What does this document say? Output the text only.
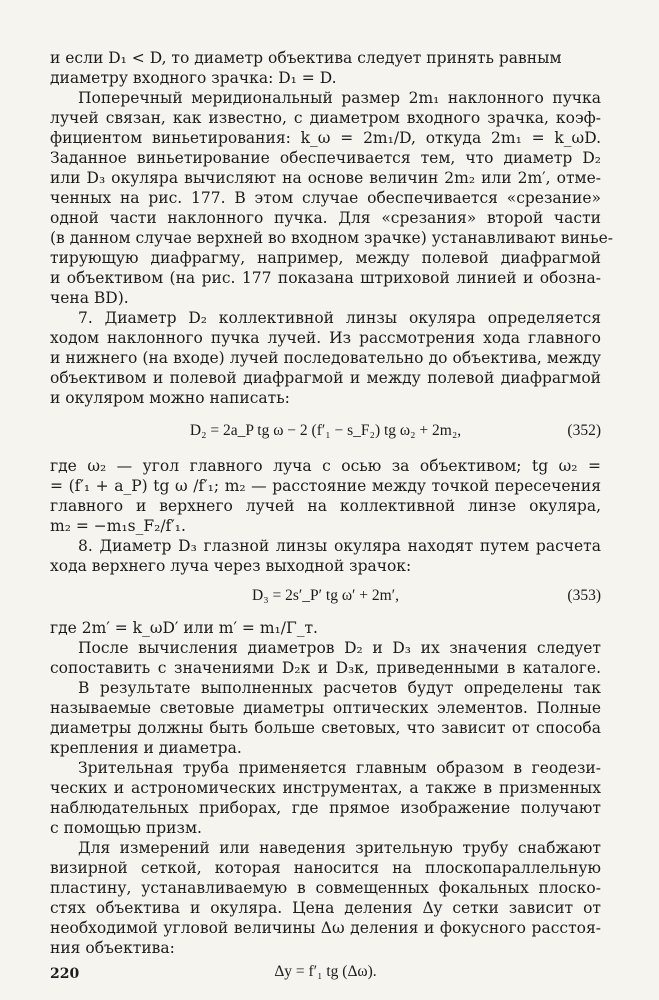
и если D₁ < D, то диаметр объектива следует принять равным
диаметру входного зрачка: D₁ = D.
Поперечный меридиональный размер 2m₁ наклонного пучка
лучей связан, как известно, с диаметром входного зрачка, коэф-
фициентом виньетирования: k_ω = 2m₁/D, откуда 2m₁ = k_ωD.
Заданное виньетирование обеспечивается тем, что диаметр D₂
или D₃ окуляра вычисляют на основе величин 2m₂ или 2m′, отме-
ченных на рис. 177. В этом случае обеспечивается «срезание»
одной части наклонного пучка. Для «срезания» второй части
(в данном случае верхней во входном зрачке) устанавливают винье-
тирующую диафрагму, например, между полевой диафрагмой
и объективом (на рис. 177 показана штриховой линией и обозна-
чена BD).
7. Диаметр D₂ коллективной линзы окуляра определяется
ходом наклонного пучка лучей. Из рассмотрения хода главного
и нижнего (на входе) лучей последовательно до объектива, между
объективом и полевой диафрагмой и между полевой диафрагмой
и окуляром можно написать:
D₂ = 2a_P tg ω − 2 (f′₁ − s_F₂) tg ω₂ + 2m₂,	(352)
где ω₂ — угол главного луча с осью за объективом; tg ω₂ =
= (f′₁ + a_P) tg ω /f′₁; m₂ — расстояние между точкой пересечения
главного и верхнего лучей на коллективной линзе окуляра,
m₂ = −m₁s_F₂/f′₁.
8. Диаметр D₃ глазной линзы окуляра находят путем расчета
хода верхнего луча через выходной зрачок:
D₃ = 2s′_P′ tg ω′ + 2m′,	(353)
где 2m′ = k_ωD′ или m′ = m₁/Γ_т.
После вычисления диаметров D₂ и D₃ их значения следует
сопоставить с значениями D₂к и D₃к, приведенными в каталоге.
В результате выполненных расчетов будут определены так
называемые световые диаметры оптических элементов. Полные
диаметры должны быть больше световых, что зависит от способа
крепления и диаметра.
Зрительная труба применяется главным образом в геодези-
ческих и астрономических инструментах, а также в призменных
наблюдательных приборах, где прямое изображение получают
с помощью призм.
Для измерений или наведения зрительную трубу снабжают
визирной сеткой, которая наносится на плоскопараллельную
пластину, устанавливаемую в совмещенных фокальных плоско-
стях объектива и окуляра. Цена деления Δy сетки зависит от
необходимой угловой величины Δω деления и фокусного расстоя-
ния объектива:
Δy = f′₁ tg (Δω).
220
